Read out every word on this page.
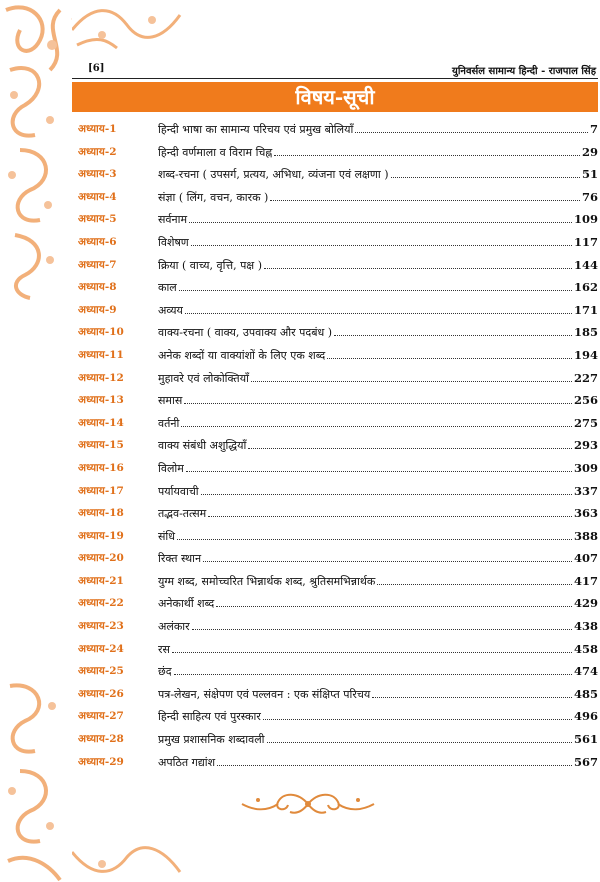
[6]	युनिवर्सल सामान्य हिन्दी - राजपाल सिंह
विषय-सूची
अध्याय-1	हिन्दी भाषा का सामान्य परिचय एवं प्रमुख बोलियाँ	7
अध्याय-2	हिन्दी वर्णमाला व विराम चिह्न	29
अध्याय-3	शब्द-रचना ( उपसर्ग, प्रत्यय, अभिधा, व्यंजना एवं लक्षणा )	51
अध्याय-4	संज्ञा ( लिंग, वचन, कारक )	76
अध्याय-5	सर्वनाम	109
अध्याय-6	विशेषण	117
अध्याय-7	क्रिया ( वाच्य, वृत्ति, पक्ष )	144
अध्याय-8	काल	162
अध्याय-9	अव्यय	171
अध्याय-10	वाक्य-रचना ( वाक्य, उपवाक्य और पदबंध )	185
अध्याय-11	अनेक शब्दों या वाक्यांशों के लिए एक शब्द	194
अध्याय-12	मुहावरे एवं लोकोक्तियाँ	227
अध्याय-13	समास	256
अध्याय-14	वर्तनी	275
अध्याय-15	वाक्य संबंधी अशुद्धियाँ	293
अध्याय-16	विलोम	309
अध्याय-17	पर्यायवाची	337
अध्याय-18	तद्भव-तत्सम	363
अध्याय-19	संधि	388
अध्याय-20	रिक्त स्थान	407
अध्याय-21	युग्म शब्द, समोच्चरित भिन्नार्थक शब्द, श्रुतिसमभिन्नार्थक	417
अध्याय-22	अनेकार्थी शब्द	429
अध्याय-23	अलंकार	438
अध्याय-24	रस	458
अध्याय-25	छंद	474
अध्याय-26	पत्र-लेखन, संक्षेपण एवं पल्लवन : एक संक्षिप्त परिचय	485
अध्याय-27	हिन्दी साहित्य एवं पुरस्कार	496
अध्याय-28	प्रमुख प्रशासनिक शब्दावली	561
अध्याय-29	अपठित गद्यांश	567
